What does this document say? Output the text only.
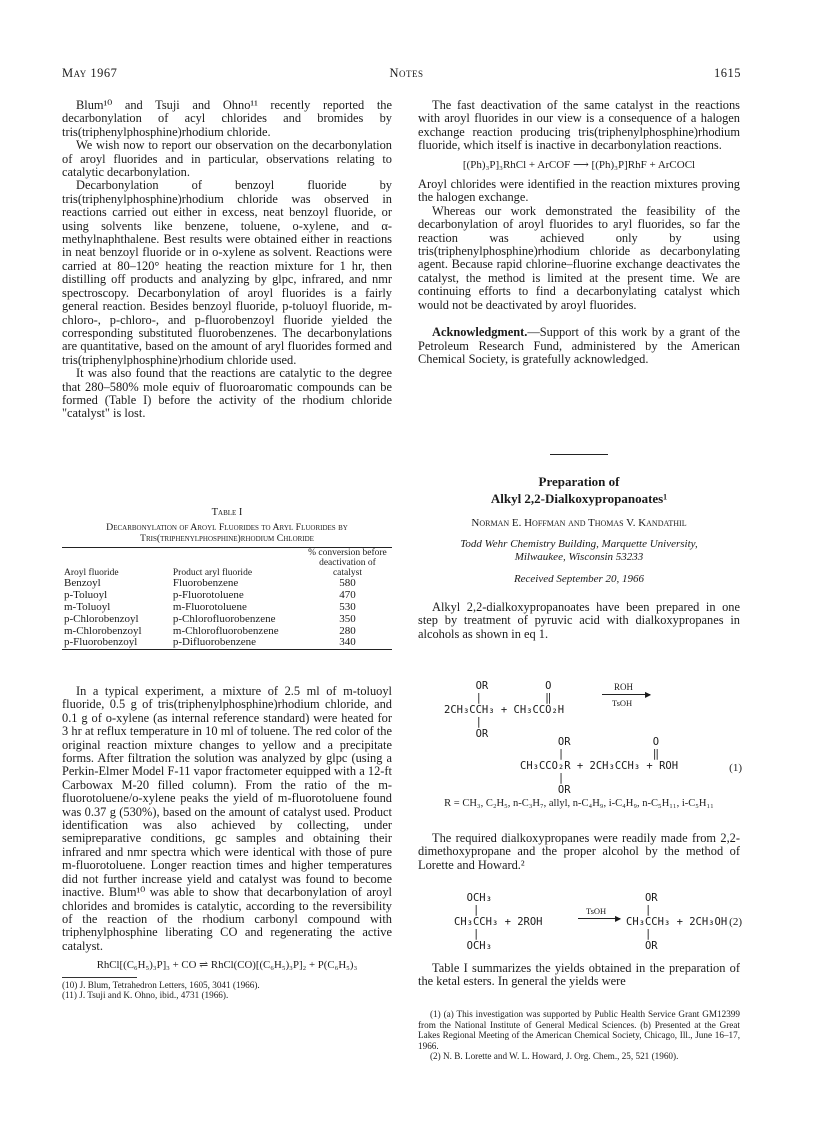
May 1967	Notes	1615

Blum¹⁰ and Tsuji and Ohno¹¹ recently reported the decarbonylation of acyl chlorides and bromides by tris(triphenylphosphine)rhodium chloride.

We wish now to report our observation on the decarbonylation of aroyl fluorides and in particular, observations relating to catalytic decarbonylation.

Decarbonylation of benzoyl fluoride by tris(triphenylphosphine)rhodium chloride was observed in reactions carried out either in excess, neat benzoyl fluoride, or using solvents like benzene, toluene, o-xylene, and α-methylnaphthalene. Best results were obtained either in reactions in neat benzoyl fluoride or in o-xylene as solvent. Reactions were carried at 80–120° heating the reaction mixture for 1 hr, then distilling off products and analyzing by glpc, infrared, and nmr spectroscopy. Decarbonylation of aroyl fluorides is a fairly general reaction. Besides benzoyl fluoride, p-toluoyl fluoride, m-chloro-, p-chloro-, and p-fluorobenzoyl fluoride yielded the corresponding substituted fluorobenzenes. The decarbonylations are quantitative, based on the amount of aryl fluorides formed and tris(triphenylphosphine)rhodium chloride used.

It was also found that the reactions are catalytic to the degree that 280–580% mole equiv of fluoroaromatic compounds can be formed (Table I) before the activity of the rhodium chloride "catalyst" is lost.

Table I
Decarbonylation of Aroyl Fluorides to Aryl Fluorides by Tris(triphenylphosphine)rhodium Chloride
Aroyl fluoride	Product aryl fluoride	% conversion before deactivation of catalyst
Benzoyl	Fluorobenzene	580
p-Toluoyl	p-Fluorotoluene	470
m-Toluoyl	m-Fluorotoluene	530
p-Chlorobenzoyl	p-Chlorofluorobenzene	350
m-Chlorobenzoyl	m-Chlorofluorobenzene	280
p-Fluorobenzoyl	p-Difluorobenzene	340

In a typical experiment, a mixture of 2.5 ml of m-toluoyl fluoride, 0.5 g of tris(triphenylphosphine)rhodium chloride, and 0.1 g of o-xylene (as internal reference standard) were heated for 3 hr at reflux temperature in 10 ml of toluene. The red color of the original reaction mixture changes to yellow and a precipitate forms. After filtration the solution was analyzed by glpc (using a Perkin-Elmer Model F-11 vapor fractometer equipped with a 12-ft Carbowax M-20 filled column). From the ratio of the m-fluorotoluene/o-xylene peaks the yield of m-fluorotoluene found was 0.37 g (530%), based on the amount of catalyst used. Product identification was also achieved by collecting, under semipreparative conditions, gc samples and obtaining their infrared and nmr spectra which were identical with those of pure m-fluorotoluene. Longer reaction times and higher temperatures did not further increase yield and catalyst was found to become inactive. Blum¹⁰ was able to show that decarbonylation of aroyl chlorides and bromides is catalytic, according to the reversibility of the reaction of the rhodium carbonyl compound with triphenylphosphine liberating CO and regenerating the active catalyst.

RhCl[(C₆H₅)₃P]₃ + CO ⇌ RhCl(CO)[(C₆H₅)₃P]₂ + P(C₆H₅)₃
(10) J. Blum, Tetrahedron Letters, 1605, 3041 (1966).
(11) J. Tsuji and K. Ohno, ibid., 4731 (1966).

The fast deactivation of the same catalyst in the reactions with aroyl fluorides in our view is a consequence of a halogen exchange reaction producing tris(triphenylphosphine)rhodium fluoride, which itself is inactive in decarbonylation reactions.

[(Ph)₃P]₃RhCl + ArCOF ⟶ [(Ph)₃P]RhF + ArCOCl

Aroyl chlorides were identified in the reaction mixtures proving the halogen exchange.

Whereas our work demonstrated the feasibility of the decarbonylation of aroyl fluorides to aryl fluorides, so far the reaction was achieved only by using tris(triphenylphosphine)rhodium chloride as decarbonylating agent. Because rapid chlorine–fluorine exchange deactivates the catalyst, the method is limited at the present time. We are continuing efforts to find a decarbonylating catalyst which would not be deactivated by aroyl fluorides.

Acknowledgment.—Support of this work by a grant of the Petroleum Research Fund, administered by the American Chemical Society, is gratefully acknowledged.

Preparation of
Alkyl 2,2-Dialkoxypropanoates¹
Norman E. Hoffman and Thomas V. Kandathil
Todd Wehr Chemistry Building, Marquette University,
Milwaukee, Wisconsin 53233
Received September 20, 1966

Alkyl 2,2-dialkoxypropanoates have been prepared in one step by treatment of pyruvic acid with dialkoxypropanes in alcohols as shown in eq 1.

OR         O
|          ‖
2CH₃CCH₃ + CH₃CCO₂H
|
OR
ROH
▶
TsOH
OR             O
|              ‖
CH₃CCO₂R + 2CH₃CCH₃ + ROH
|
OR
(1)
R = CH₃, C₂H₅, n-C₃H₇, allyl, n-C₄H₉, i-C₄H₉, n-C₅H₁₁, i-C₅H₁₁

The required dialkoxypropanes were readily made from 2,2-dimethoxypropane and the proper alcohol by the method of Lorette and Howard.²

OCH₃
|
CH₃CCH₃ + 2ROH
|
OCH₃
TsOH
▶
OR
|
CH₃CCH₃ + 2CH₃OH
|
OR
(2)

Table I summarizes the yields obtained in the preparation of the ketal esters. In general the yields were

(1) (a) This investigation was supported by Public Health Service Grant GM12399 from the National Institute of General Medical Sciences. (b) Presented at the Great Lakes Regional Meeting of the American Chemical Society, Chicago, Ill., June 16–17, 1966.
(2) N. B. Lorette and W. L. Howard, J. Org. Chem., 25, 521 (1960).
